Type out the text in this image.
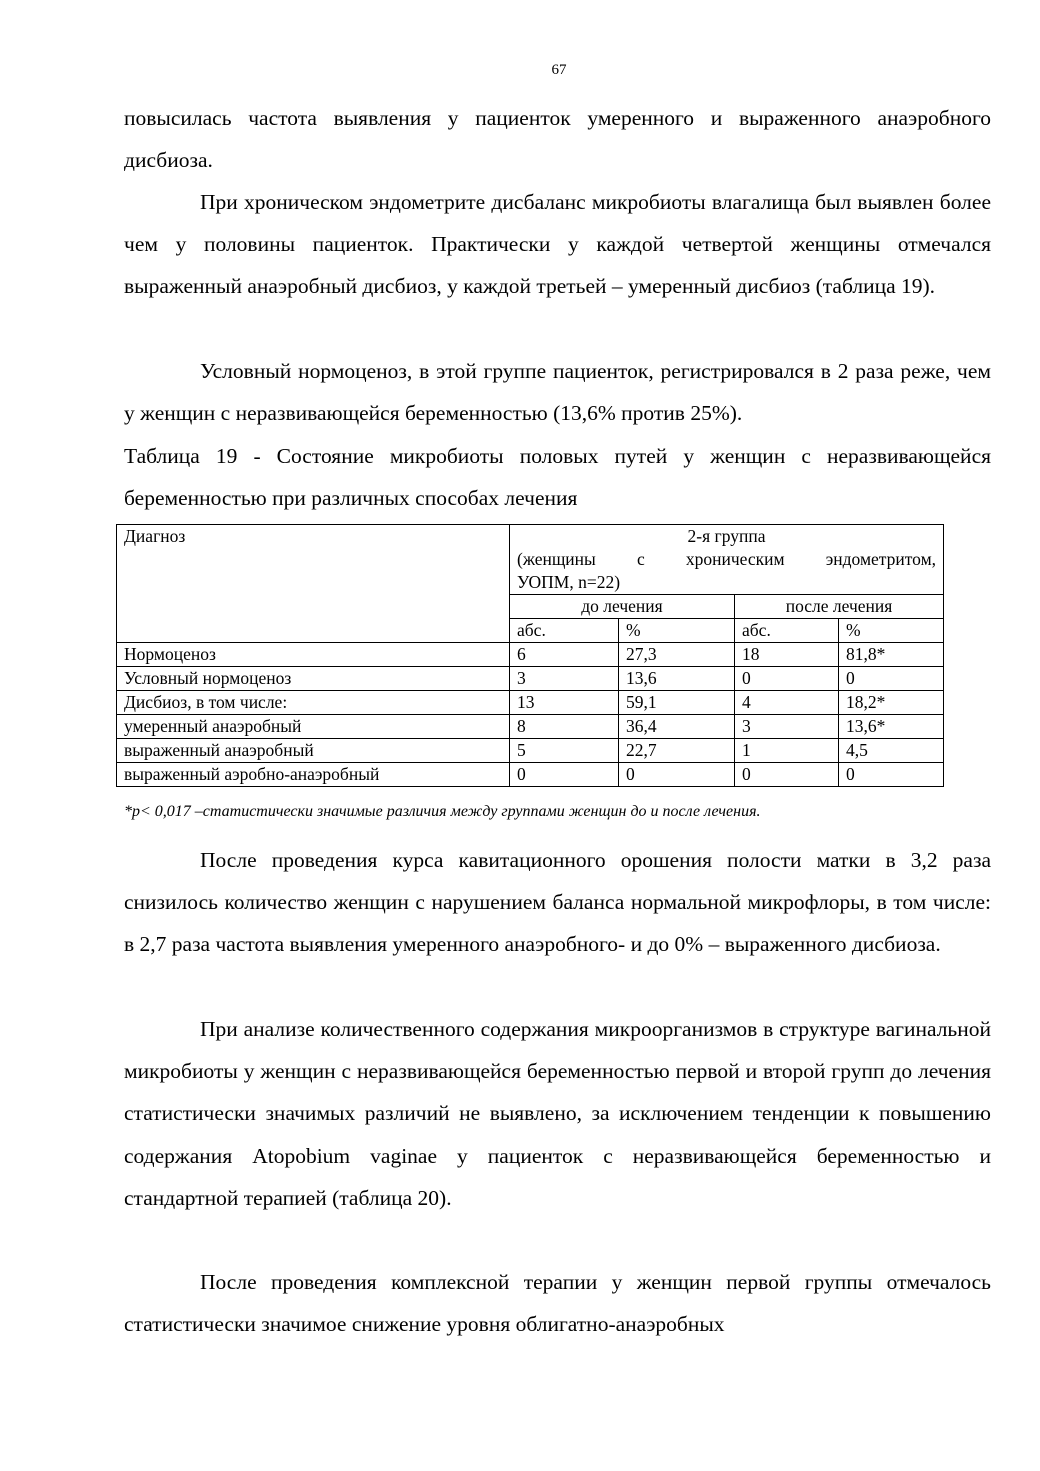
67

повысилась частота выявления у пациенток умеренного и выраженного анаэробного дисбиоза.

При хроническом эндометрите дисбаланс микробиоты влагалища был выявлен более чем у половины пациенток. Практически у каждой четвертой женщины отмечался выраженный анаэробный дисбиоз, у каждой третьей – умеренный дисбиоз (таблица 19).

Условный нормоценоз, в этой группе пациенток, регистрировался в 2 раза реже, чем у женщин с неразвивающейся беременностью (13,6% против 25%).

Таблица 19 - Состояние микробиоты половых путей у женщин с неразвивающейся беременностью при различных способах лечения

Диагноз	2-я группа
(женщины с хроническим эндометритом,
УОПМ, n=22)			

	до лечения		после лечения	
	абс.	%	абс.	%
Нормоценоз	6	27,3	18	81,8*
Условный нормоценоз	3	13,6	0	0
Дисбиоз, в том числе:	13	59,1	4	18,2*
умеренный анаэробный	8	36,4	3	13,6*
выраженный анаэробный	5	22,7	1	4,5
выраженный аэробно-анаэробный	0	0	0	0
*р< 0,017 –статистически значимые различия между группами женщин до и после лечения.

После проведения курса кавитационного орошения полости матки в 3,2 раза снизилось количество женщин с нарушением баланса нормальной микрофлоры, в том числе: в 2,7 раза частота выявления умеренного анаэробного- и до 0% – выраженного дисбиоза.

При анализе количественного содержания микроорганизмов в структуре вагинальной микробиоты у женщин с неразвивающейся беременностью первой и второй групп до лечения статистически значимых различий не выявлено, за исключением тенденции к повышению содержания Atopobium vaginae у пациенток с неразвивающейся беременностью и стандартной терапией (таблица 20).

После проведения комплексной терапии у женщин первой группы отмечалось статистически значимое снижение уровня облигатно-анаэробных
